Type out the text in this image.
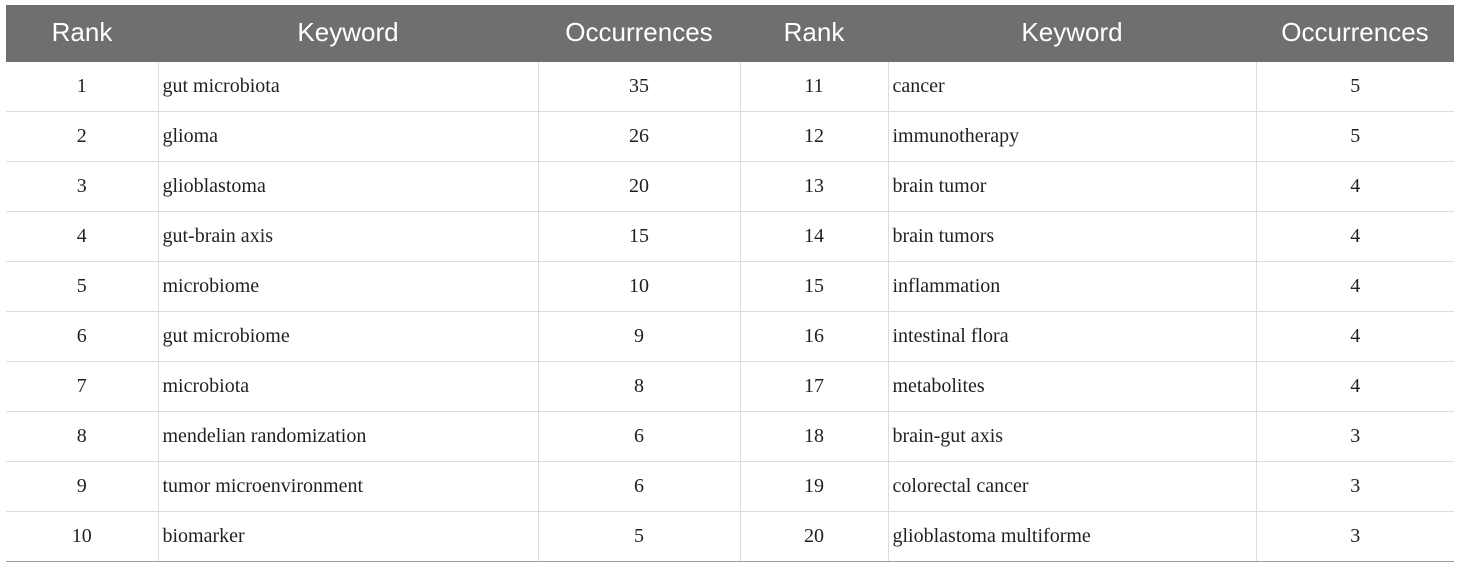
Rank	Keyword	Occurrences	Rank	Keyword	Occurrences
1	gut microbiota	35	11	cancer	5
2	glioma	26	12	immunotherapy	5
3	glioblastoma	20	13	brain tumor	4
4	gut-brain axis	15	14	brain tumors	4
5	microbiome	10	15	inflammation	4
6	gut microbiome	9	16	intestinal flora	4
7	microbiota	8	17	metabolites	4
8	mendelian randomization	6	18	brain-gut axis	3
9	tumor microenvironment	6	19	colorectal cancer	3
10	biomarker	5	20	glioblastoma multiforme	3
